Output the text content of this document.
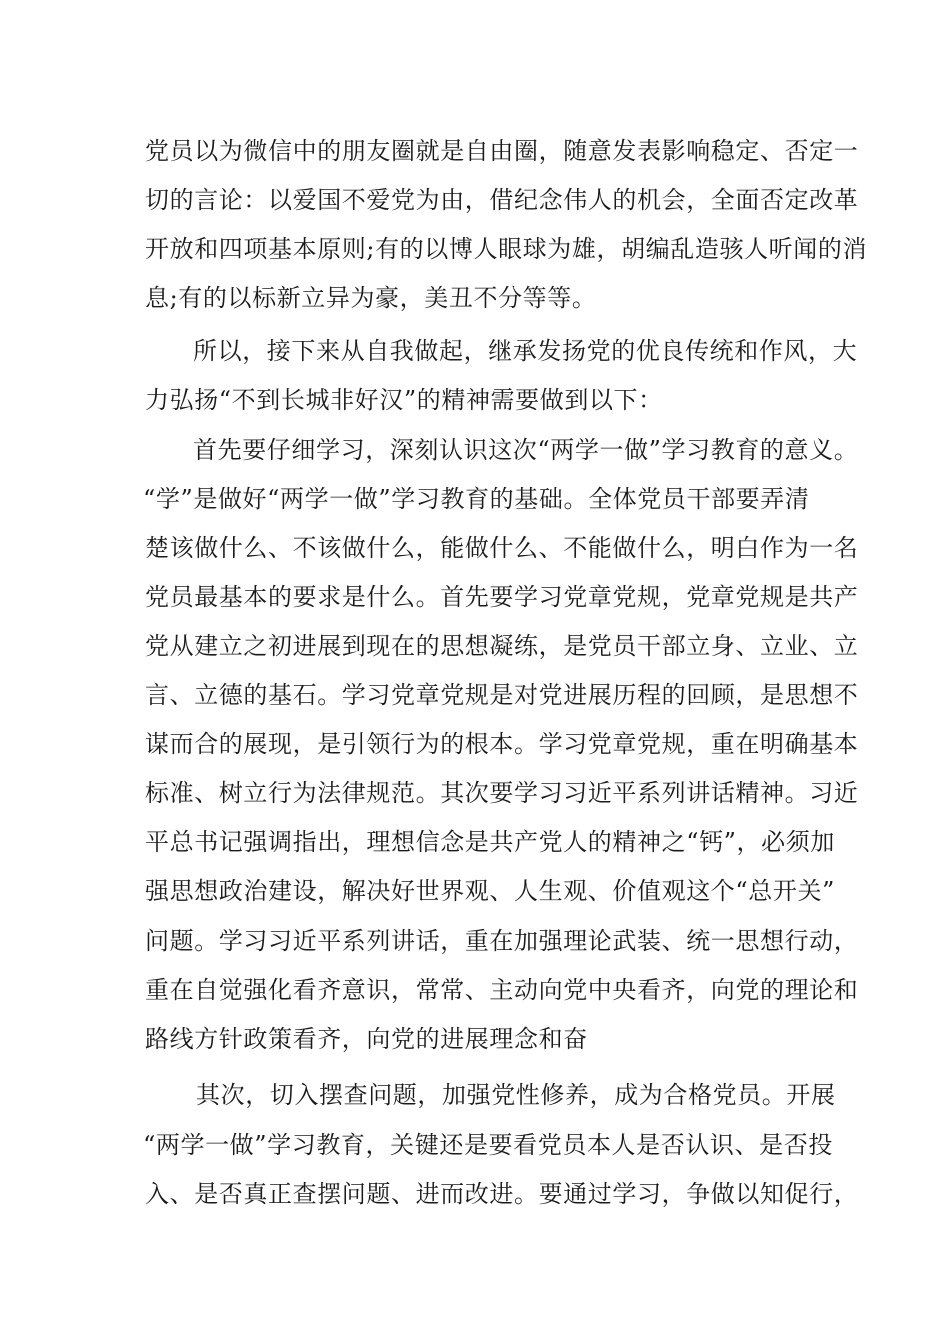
党员以为微信中的朋友圈就是自由圈，随意发表影响稳定、否定一
切的言论：以爱国不爱党为由，借纪念伟人的机会，全面否定改革
开放和四项基本原则;有的以博人眼球为雄，胡编乱造骇人听闻的消
息;有的以标新立异为豪，美丑不分等等。
所以，接下来从自我做起，继承发扬党的优良传统和作风，大
力弘扬“不到长城非好汉”的精神需要做到以下：
首先要仔细学习，深刻认识这次“两学一做”学习教育的意义。
“学”是做好“两学一做”学习教育的基础。全体党员干部要弄清
楚该做什么、不该做什么，能做什么、不能做什么，明白作为一名
党员最基本的要求是什么。首先要学习党章党规，党章党规是共产
党从建立之初进展到现在的思想凝练，是党员干部立身、立业、立
言、立德的基石。学习党章党规是对党进展历程的回顾，是思想不
谋而合的展现，是引领行为的根本。学习党章党规，重在明确基本
标准、树立行为法律规范。其次要学习习近平系列讲话精神。习近
平总书记强调指出，理想信念是共产党人的精神之“钙”，必须加
强思想政治建设，解决好世界观、人生观、价值观这个“总开关”
问题。学习习近平系列讲话，重在加强理论武装、统一思想行动，
重在自觉强化看齐意识，常常、主动向党中央看齐，向党的理论和
路线方针政策看齐，向党的进展理念和奋
其次，切入摆查问题，加强党性修养，成为合格党员。开展
“两学一做”学习教育，关键还是要看党员本人是否认识、是否投
入、是否真正查摆问题、进而改进。要通过学习，争做以知促行，
